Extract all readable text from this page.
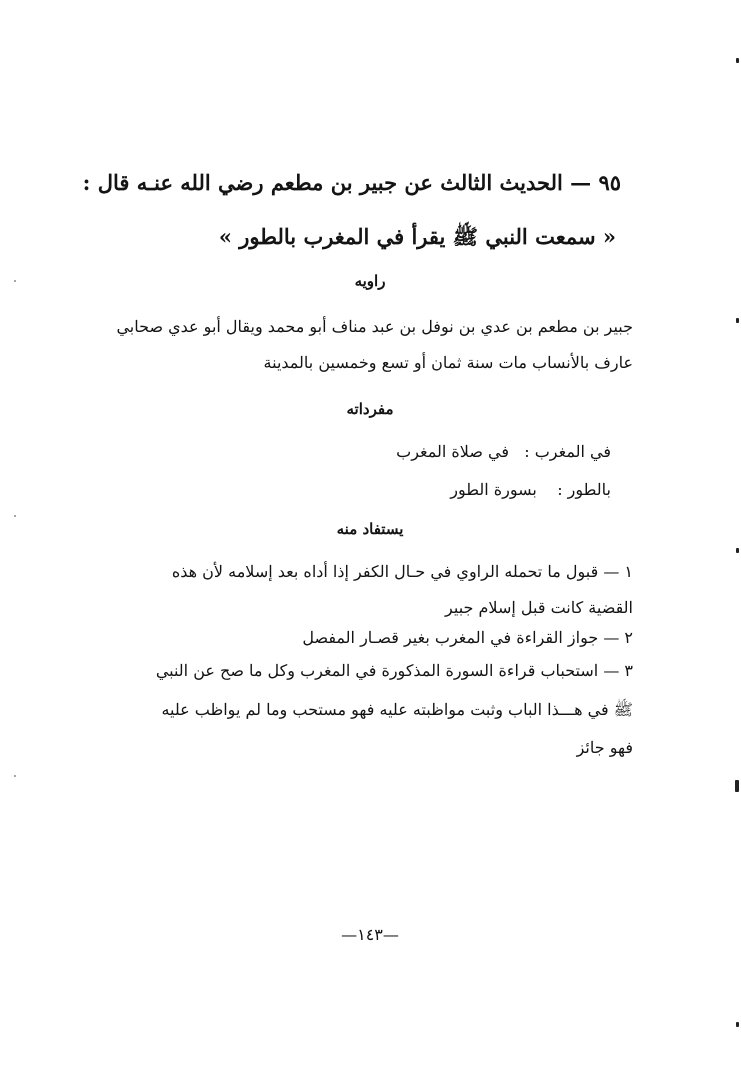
٩٥ — الحديث الثالث عن جبير بن مطعم رضي الله عنـه قال :
« سمعت النبي ﷺ يقرأ في المغرب بالطور »
راويه
جبير بن مطعم بن عدي بن نوفل بن عبد مناف أبو محمد ويقال أبو عدي صحابي
عارف بالأنساب مات سنة ثمان أو تسع وخمسين بالمدينة
مفرداته
في المغرب :   في صلاة المغرب
بالطور :    بسورة الطور
يستفاد منه
١ — قبول ما تحمله الراوي في حـال الكفر إذا أداه بعد إسلامه لأن هذه
القضية كانت قبل إسلام جبير
٢ — جواز القراءة في المغرب بغير قصـار المفصل
٣ — استحباب قراءة السورة المذكورة في المغرب وكل ما صح عن النبي
ﷺ في هـــذا الباب وثبت مواظبته عليه فهو مستحب وما لم يواظب عليه
فهو جائز
—١٤٣—
